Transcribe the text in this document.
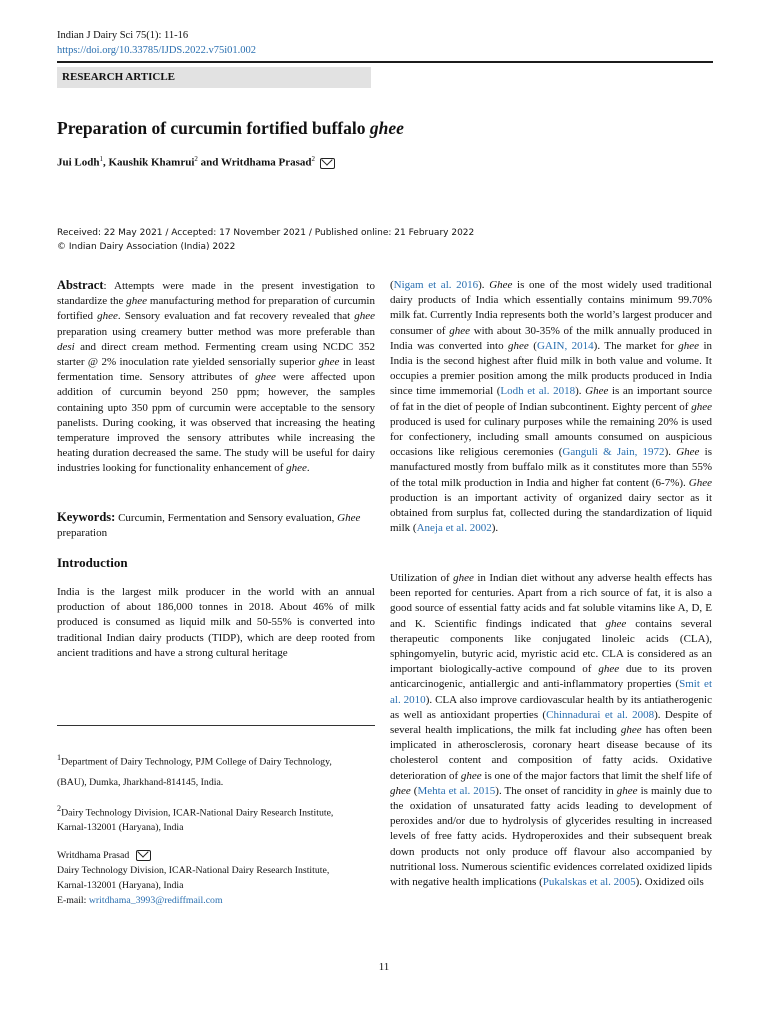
Indian J Dairy Sci 75(1): 11-16
https://doi.org/10.33785/IJDS.2022.v75i01.002
RESEARCH ARTICLE
Preparation of curcumin fortified buffalo ghee
Jui Lodh$^1$, Kaushik Khamrui$^2$ and Writdhama Prasad$^2$
Received: 22 May 2021 / Accepted: 17 November 2021 / Published online: 21 February 2022
© Indian Dairy Association (India) 2022

Abstract: Attempts were made in the present investigation to standardize the ghee manufacturing method for preparation of curcumin fortified ghee. Sensory evaluation and fat recovery revealed that ghee preparation using creamery butter method was more preferable than desi and direct cream method. Fermenting cream using NCDC 352 starter @ 2% inoculation rate yielded sensorially superior ghee in least fermentation time. Sensory attributes of ghee were affected upon addition of curcumin beyond 250 ppm; however, the samples containing upto 350 ppm of curcumin were acceptable to the sensory panelists. During cooking, it was observed that increasing the heating temperature improved the sensory attributes while increasing the heating duration decreased the same. The study will be useful for dairy industries looking for functionality enhancement of ghee.

Keywords: Curcumin, Fermentation and Sensory evaluation, Ghee preparation

Introduction

India is the largest milk producer in the world with an annual production of about 186,000 tonnes in 2018. About 46% of milk produced is consumed as liquid milk and 50-55% is converted into traditional Indian dairy products (TIDP), which are deep rooted from ancient traditions and have a strong cultural heritage

$^1$Department of Dairy Technology, PJM College of Dairy Technology,

(BAU), Dumka, Jharkhand-814145, India.

$^2$Dairy Technology Division, ICAR-National Dairy Research Institute,

Karnal-132001 (Haryana), India

Writdhama Prasad

Dairy Technology Division, ICAR-National Dairy Research Institute,

Karnal-132001 (Haryana), India

E-mail: writdhama_3993@rediffmail.com

(Nigam et al. 2016). Ghee is one of the most widely used traditional dairy products of India which essentially contains minimum 99.70% milk fat. Currently India represents both the world’s largest producer and consumer of ghee with about 30-35% of the milk annually produced in India was converted into ghee (GAIN, 2014). The market for ghee in India is the second highest after fluid milk in both value and volume. It occupies a premier position among the milk products produced in India since time immemorial (Lodh et al. 2018). Ghee is an important source of fat in the diet of people of Indian subcontinent. Eighty percent of ghee produced is used for culinary purposes while the remaining 20% is used for confectionery, including small amounts consumed on auspicious occasions like religious ceremonies (Ganguli & Jain, 1972). Ghee is manufactured mostly from buffalo milk as it constitutes more than 55% of the total milk production in India and higher fat content (6-7%). Ghee production is an important activity of organized dairy sector as it obtained from surplus fat, collected during the standardization of liquid milk (Aneja et al. 2002).

Utilization of ghee in Indian diet without any adverse health effects has been reported for centuries. Apart from a rich source of fat, it is also a good source of essential fatty acids and fat soluble vitamins like A, D, E and K. Scientific findings indicated that ghee contains several therapeutic components like conjugated linoleic acids (CLA), sphingomyelin, butyric acid, myristic acid etc. CLA is considered as an important biologically-active compound of ghee due to its proven anticarcinogenic, antiallergic and anti-inflammatory properties (Smit et al. 2010). CLA also improve cardiovascular health by its antiatherogenic as well as antioxidant properties (Chinnadurai et al. 2008). Despite of several health implications, the milk fat including ghee has often been implicated in atherosclerosis, coronary heart disease because of its cholesterol content and composition of fatty acids. Oxidative deterioration of ghee is one of the major factors that limit the shelf life of ghee (Mehta et al. 2015). The onset of rancidity in ghee is mainly due to the oxidation of unsaturated fatty acids leading to development of peroxides and/or due to hydrolysis of glycerides resulting in increased levels of free fatty acids. Hydroperoxides and their subsequent break down products not only produce off flavour also accompanied by nutritional loss. Numerous scientific evidences correlated oxidized lipids with negative health implications (Pukalskas et al. 2005). Oxidized oils

11
